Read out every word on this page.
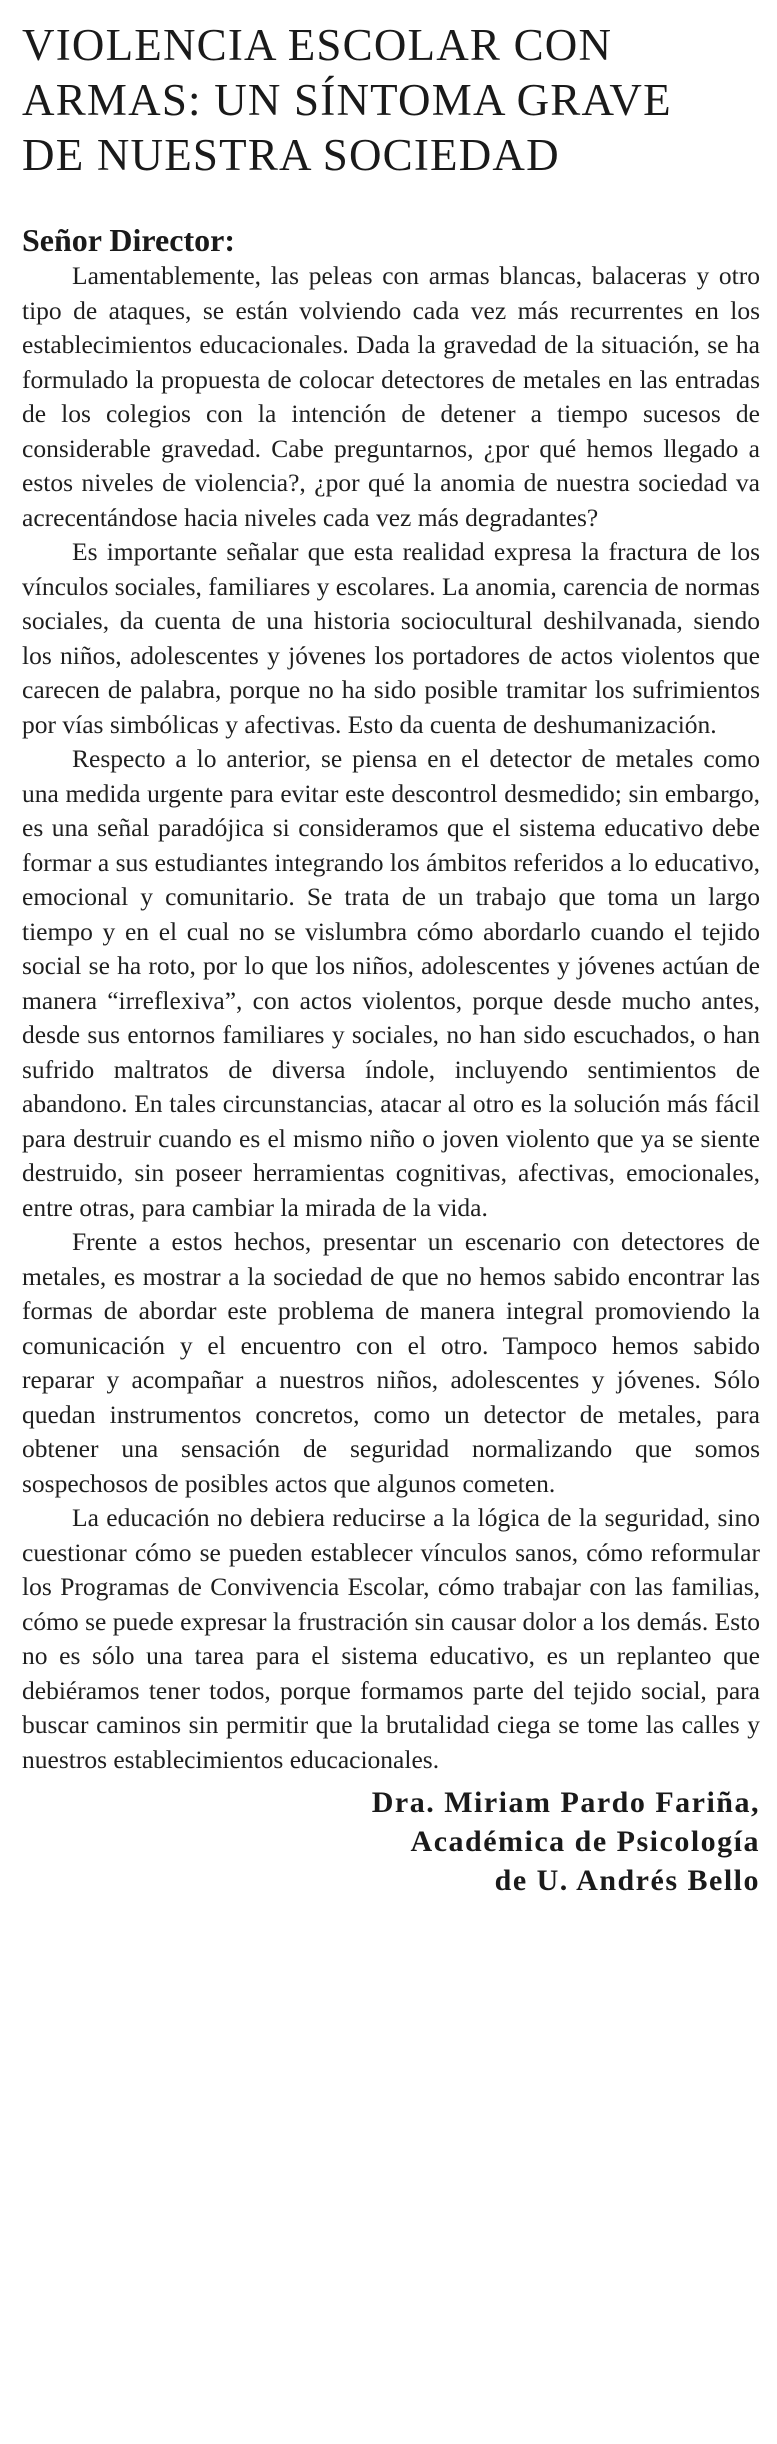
VIOLENCIA ESCOLAR CON
ARMAS: UN SÍNTOMA GRAVE
DE NUESTRA SOCIEDAD
Señor Director:

Lamentablemente, las peleas con armas blancas, balaceras y otro tipo de ataques, se están volviendo cada vez más recurrentes en los establecimientos educacionales. Dada la gravedad de la situación, se ha formulado la propuesta de colocar detectores de metales en las entradas de los colegios con la intención de detener a tiempo sucesos de considerable gravedad. Cabe preguntarnos, ¿por qué hemos llegado a estos niveles de violencia?, ¿por qué la anomia de nuestra sociedad va acrecentándose hacia niveles cada vez más degradantes?

Es importante señalar que esta realidad expresa la fractura de los vínculos sociales, familiares y escolares. La anomia, carencia de normas sociales, da cuenta de una historia sociocultural deshilvanada, siendo los niños, adolescentes y jóvenes los portadores de actos violentos que carecen de palabra, porque no ha sido posible tramitar los sufrimientos por vías simbólicas y afectivas. Esto da cuenta de deshumanización.

Respecto a lo anterior, se piensa en el detector de metales como una medida urgente para evitar este descontrol desmedido; sin embargo, es una señal paradójica si consideramos que el sistema educativo debe formar a sus estudiantes integrando los ámbitos referidos a lo educativo, emocional y comunitario. Se trata de un trabajo que toma un largo tiempo y en el cual no se vislumbra cómo abordarlo cuando el tejido social se ha roto, por lo que los niños, adolescentes y jóvenes actúan de manera “irreflexiva”, con actos violentos, porque desde mucho antes, desde sus entornos familiares y sociales, no han sido escuchados, o han sufrido maltratos de diversa índole, incluyendo sentimientos de abandono. En tales circunstancias, atacar al otro es la solución más fácil para destruir cuando es el mismo niño o joven violento que ya se siente destruido, sin poseer herramientas cognitivas, afectivas, emocionales, entre otras, para cambiar la mirada de la vida.

Frente a estos hechos, presentar un escenario con detectores de metales, es mostrar a la sociedad de que no hemos sabido encontrar las formas de abordar este problema de manera integral promoviendo la comunicación y el encuentro con el otro. Tampoco hemos sabido reparar y acompañar a nuestros niños, adolescentes y jóvenes. Sólo quedan instrumentos concretos, como un detector de metales, para obtener una sensación de seguridad normalizando que somos sospechosos de posibles actos que algunos cometen.

La educación no debiera reducirse a la lógica de la seguridad, sino cuestionar cómo se pueden establecer vínculos sanos, cómo reformular los Programas de Convivencia Escolar, cómo trabajar con las familias, cómo se puede expresar la frustración sin causar dolor a los demás. Esto no es sólo una tarea para el sistema educativo, es un replanteo que debiéramos tener todos, porque formamos parte del tejido social, para buscar caminos sin permitir que la brutalidad ciega se tome las calles y nuestros establecimientos educacionales.

Dra. Miriam Pardo Fariña,
Académica de Psicología
de U. Andrés Bello
